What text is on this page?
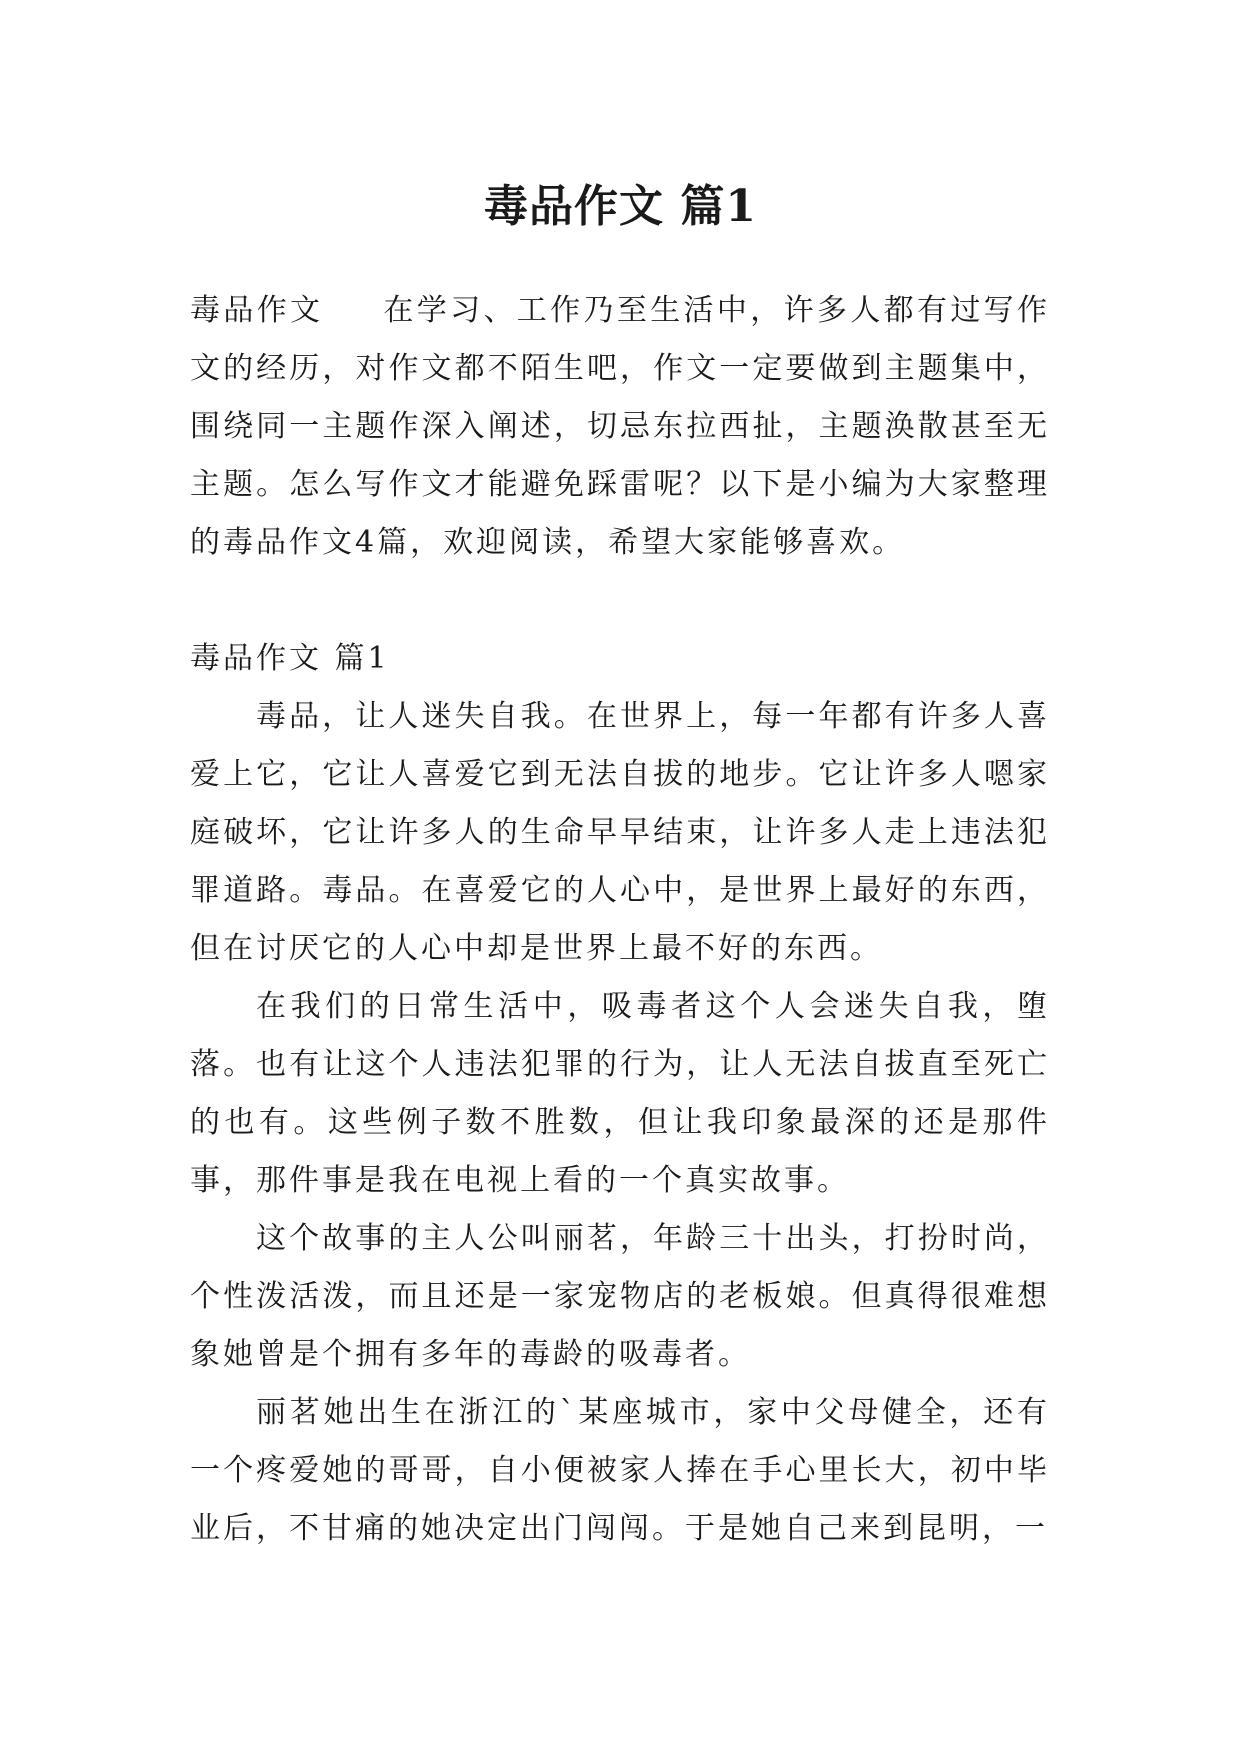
毒品作文 篇1

毒品作文 在学习、工作乃至生活中，许多人都有过写作文的经历，对作文都不陌生吧，作文一定要做到主题集中，围绕同一主题作深入阐述，切忌东拉西扯，主题涣散甚至无主题。怎么写作文才能避免踩雷呢？以下是小编为大家整理的毒品作文4篇，欢迎阅读，希望大家能够喜欢。

毒品作文 篇1

毒品，让人迷失自我。在世界上，每一年都有许多人喜爱上它，它让人喜爱它到无法自拔的地步。它让许多人嗯家庭破坏，它让许多人的生命早早结束，让许多人走上违法犯罪道路。毒品。在喜爱它的人心中，是世界上最好的东西，但在讨厌它的人心中却是世界上最不好的东西。

在我们的日常生活中，吸毒者这个人会迷失自我，堕落。也有让这个人违法犯罪的行为，让人无法自拔直至死亡的也有。这些例子数不胜数，但让我印象最深的还是那件事，那件事是我在电视上看的一个真实故事。

这个故事的主人公叫丽茗，年龄三十出头，打扮时尚，个性泼活泼，而且还是一家宠物店的老板娘。但真得很难想象她曾是个拥有多年的毒龄的吸毒者。

丽茗她出生在浙江的`某座城市，家中父母健全，还有一个疼爱她的哥哥，自小便被家人捧在手心里长大，初中毕业后，不甘痛的她决定出门闯闯。于是她自己来到昆明，一
